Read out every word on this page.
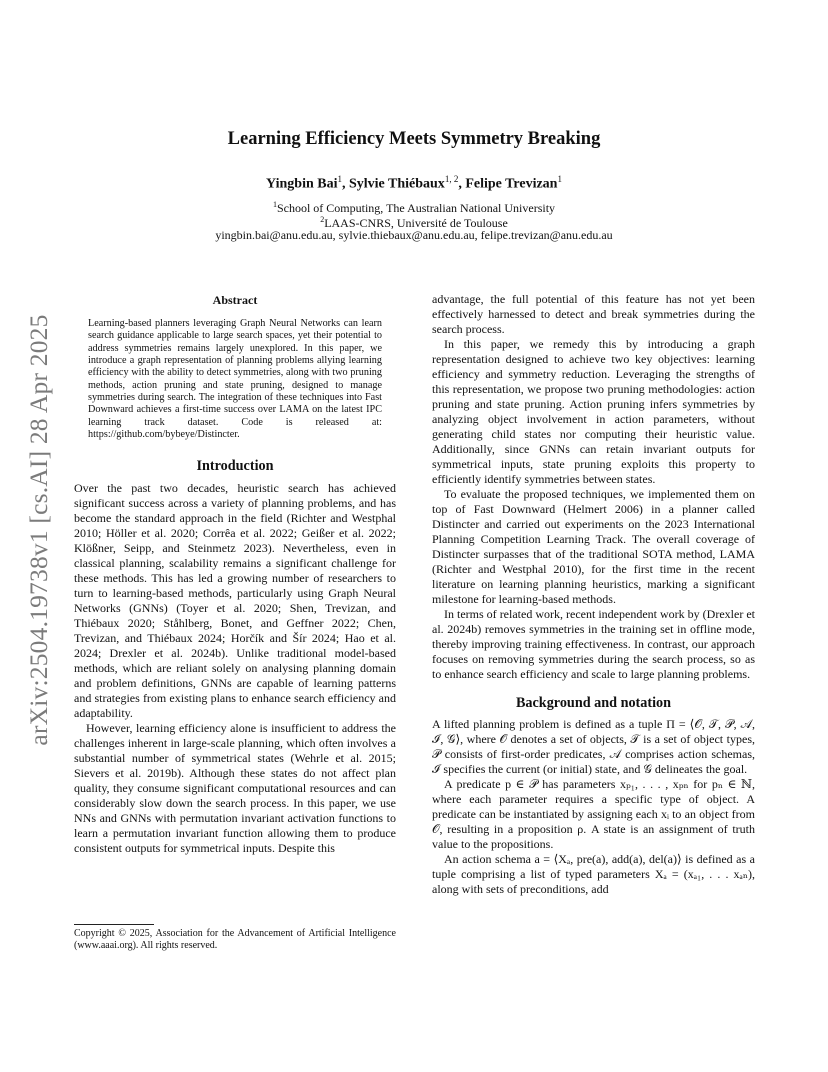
arXiv:2504.19738v1 [cs.AI] 28 Apr 2025
Learning Efficiency Meets Symmetry Breaking
Yingbin Bai$^1$, Sylvie Thiébaux$^{1, 2}$, Felipe Trevizan$^1$
$^1$School of Computing, The Australian National University
$^2$LAAS-CNRS, Université de Toulouse
yingbin.bai@anu.edu.au, sylvie.thiebaux@anu.edu.au, felipe.trevizan@anu.edu.au
Abstract
Learning-based planners leveraging Graph Neural Networks can learn search guidance applicable to large search spaces, yet their potential to address symmetries remains largely unexplored. In this paper, we introduce a graph representation of planning problems allying learning efficiency with the ability to detect symmetries, along with two pruning methods, action pruning and state pruning, designed to manage symmetries during search. The integration of these techniques into Fast Downward achieves a first-time success over LAMA on the latest IPC learning track dataset. Code is released at: https://github.com/bybeye/Distincter.
Introduction

Over the past two decades, heuristic search has achieved significant success across a variety of planning problems, and has become the standard approach in the field (Richter and Westphal 2010; Höller et al. 2020; Corrêa et al. 2022; Geißer et al. 2022; Klößner, Seipp, and Steinmetz 2023). Nevertheless, even in classical planning, scalability remains a significant challenge for these methods. This has led a growing number of researchers to turn to learning-based methods, particularly using Graph Neural Networks (GNNs) (Toyer et al. 2020; Shen, Trevizan, and Thiébaux 2020; Ståhlberg, Bonet, and Geffner 2022; Chen, Trevizan, and Thiébaux 2024; Horčík and Šír 2024; Hao et al. 2024; Drexler et al. 2024b). Unlike traditional model-based methods, which are reliant solely on analysing planning domain and problem definitions, GNNs are capable of learning patterns and strategies from existing plans to enhance search efficiency and adaptability.

However, learning efficiency alone is insufficient to address the challenges inherent in large-scale planning, which often involves a substantial number of symmetrical states (Wehrle et al. 2015; Sievers et al. 2019b). Although these states do not affect plan quality, they consume significant computational resources and can considerably slow down the search process. In this paper, we use NNs and GNNs with permutation invariant activation functions to learn a permutation invariant function allowing them to produce consistent outputs for symmetrical inputs. Despite this

advantage, the full potential of this feature has not yet been effectively harnessed to detect and break symmetries during the search process.

In this paper, we remedy this by introducing a graph representation designed to achieve two key objectives: learning efficiency and symmetry reduction. Leveraging the strengths of this representation, we propose two pruning methodologies: action pruning and state pruning. Action pruning infers symmetries by analyzing object involvement in action parameters, without generating child states nor computing their heuristic value. Additionally, since GNNs can retain invariant outputs for symmetrical inputs, state pruning exploits this property to efficiently identify symmetries between states.

To evaluate the proposed techniques, we implemented them on top of Fast Downward (Helmert 2006) in a planner called Distincter and carried out experiments on the 2023 International Planning Competition Learning Track. The overall coverage of Distincter surpasses that of the traditional SOTA method, LAMA (Richter and Westphal 2010), for the first time in the recent literature on learning planning heuristics, marking a significant milestone for learning-based methods.

In terms of related work, recent independent work by (Drexler et al. 2024b) removes symmetries in the training set in offline mode, thereby improving training effectiveness. In contrast, our approach focuses on removing symmetries during the search process, so as to enhance search efficiency and scale to large planning problems.

Background and notation

A lifted planning problem is defined as a tuple Π = ⟨𝒪, 𝒯, 𝒫, 𝒜, ℐ, 𝒢⟩, where 𝒪 denotes a set of objects, 𝒯 is a set of object types, 𝒫 consists of first-order predicates, 𝒜 comprises action schemas, ℐ specifies the current (or initial) state, and 𝒢 delineates the goal.

A predicate p ∈ 𝒫 has parameters xₚ₁, . . . , xₚₙ for pₙ ∈ ℕ, where each parameter requires a specific type of object. A predicate can be instantiated by assigning each xᵢ to an object from 𝒪, resulting in a proposition ρ. A state is an assignment of truth value to the propositions.

An action schema a = ⟨Xₐ, pre(a), add(a), del(a)⟩ is defined as a tuple comprising a list of typed parameters Xₐ = (xₐ₁, . . . xₐₙ), along with sets of preconditions, add

Copyright © 2025, Association for the Advancement of Artificial Intelligence (www.aaai.org). All rights reserved.
